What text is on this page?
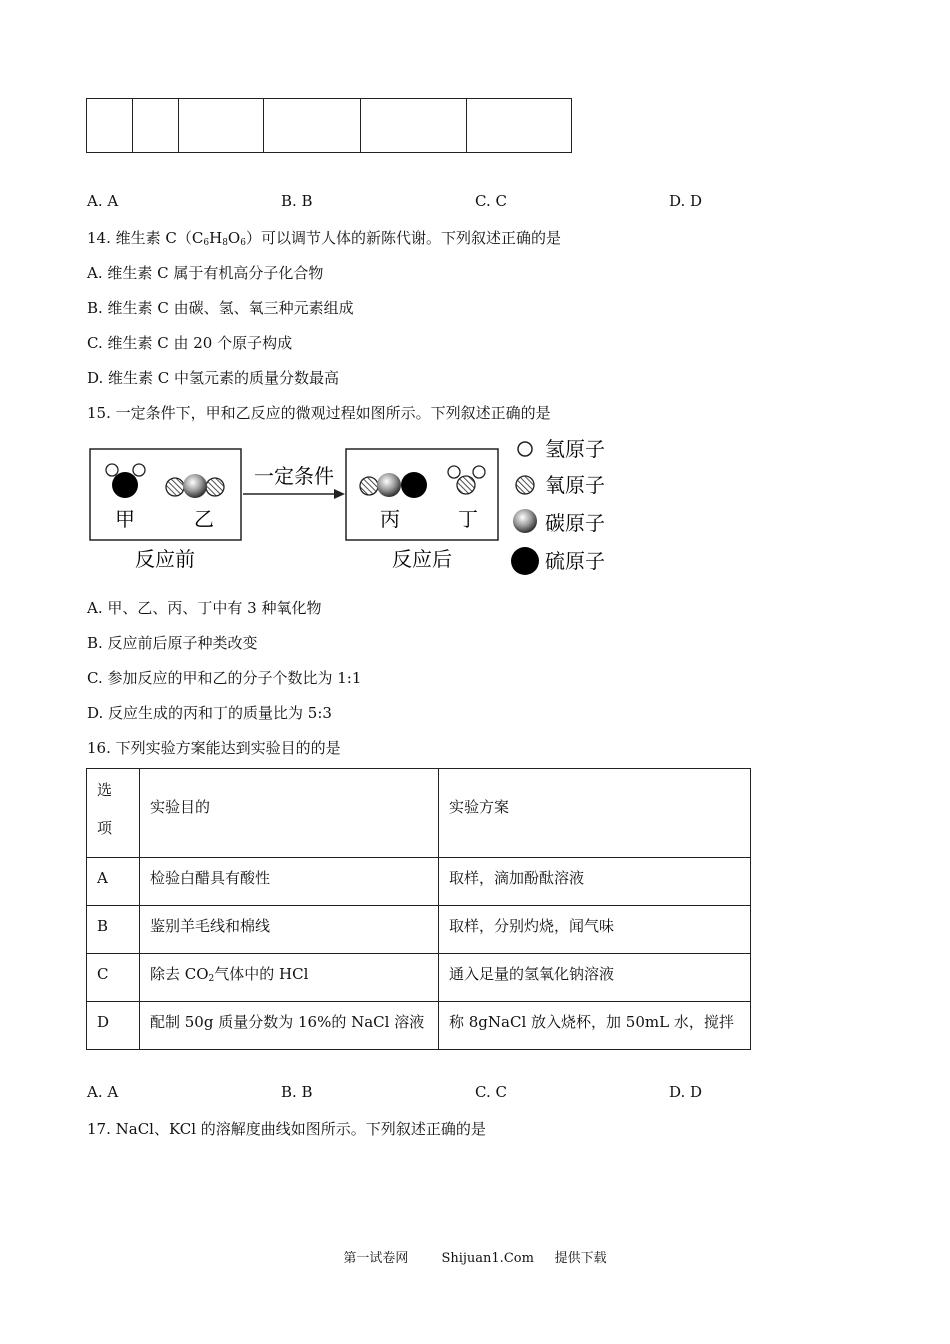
A. A	B. B	C. C	D. D
14. 维生素 $C(C_6H_8O_6)$可以调节人体的新陈代谢。下列叙述正确的是
A. 维生素 C 属于有机高分子化合物
B. 维生素 C 由碳、氢、氧三种元素组成
C. 维生素 C 由 20 个原子构成
D. 维生素 C 中氢元素的质量分数最高
15. 一定条件下，甲和乙反应的微观过程如图所示。下列叙述正确的是
甲	乙
一定条件
丙	丁
反应前	反应后
氢原子
氧原子
碳原子
硫原子
A. 甲、乙、丙、丁中有 3 种氧化物
B. 反应前后原子种类改变
C. 参加反应的甲和乙的分子个数比为 1:1
D. 反应生成的丙和丁的质量比为 5:3
16. 下列实验方案能达到实验目的的是
选
项	实验目的	实验方案
A	检验白醋具有酸性	取样，滴加酚酞溶液
B	鉴别羊毛线和棉线	取样，分别灼烧，闻气味
C	除去 $CO_2$气体中的 HCl	通入足量的氢氧化钠溶液
D	配制 50g 质量分数为 16%的 NaCl 溶液	称 8gNaCl 放入烧杯，加 50mL 水，搅拌
A. A	B. B	C. C	D. D
17. NaCl、KCl 的溶解度曲线如图所示。下列叙述正确的是
第一试卷网	Shijuan1.Com 提供下载
